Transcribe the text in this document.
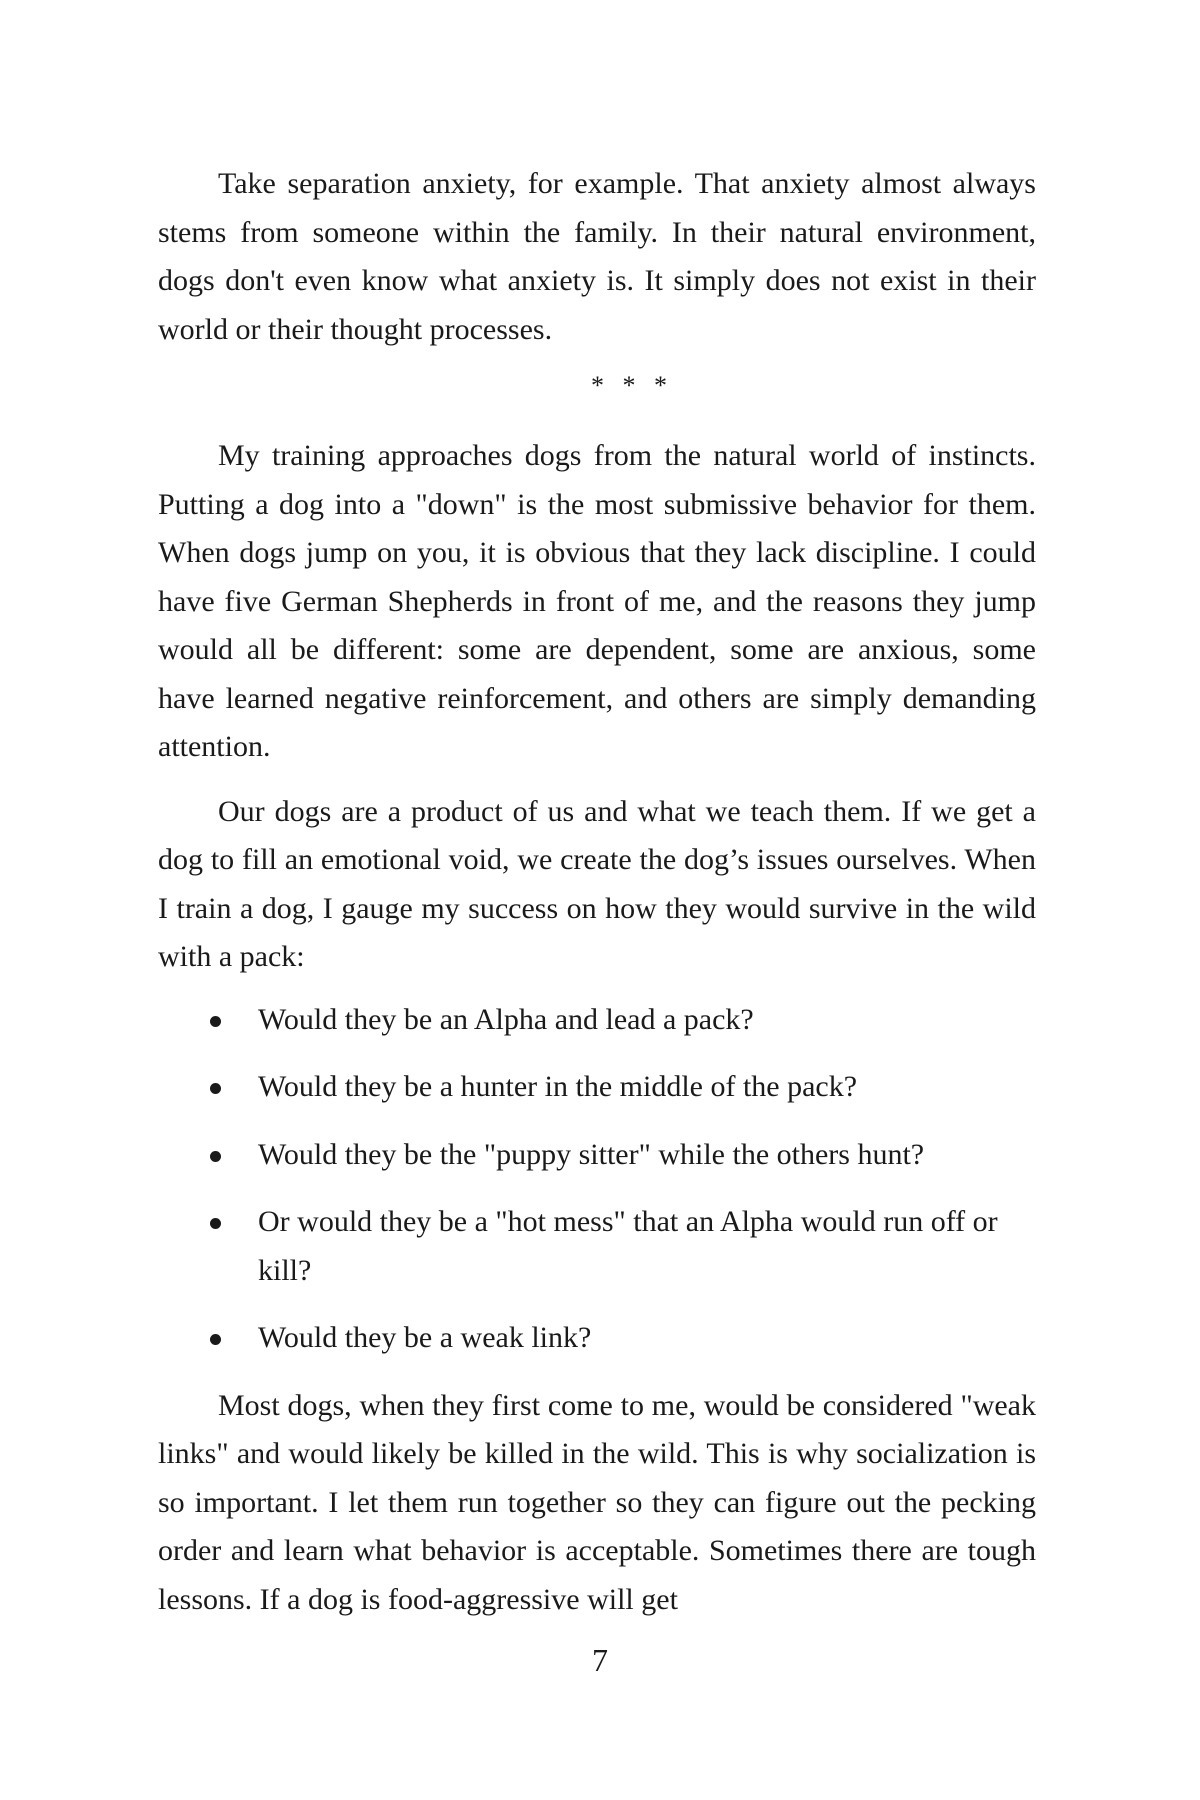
Take separation anxiety, for example. That anxiety almost always stems from someone within the family. In their natural environment, dogs don't even know what anxiety is. It simply does not exist in their world or their thought processes.

* * *

My training approaches dogs from the natural world of instincts. Putting a dog into a "down" is the most submissive behavior for them. When dogs jump on you, it is obvious that they lack discipline. I could have five German Shepherds in front of me, and the reasons they jump would all be different: some are dependent, some are anxious, some have learned negative reinforcement, and others are simply demanding attention.

Our dogs are a product of us and what we teach them. If we get a dog to fill an emotional void, we create the dog’s issues ourselves. When I train a dog, I gauge my success on how they would survive in the wild with a pack:

Would they be an Alpha and lead a pack?
Would they be a hunter in the middle of the pack?
Would they be the "puppy sitter" while the others hunt?
Or would they be a "hot mess" that an Alpha would run off or kill?
Would they be a weak link?

Most dogs, when they first come to me, would be considered "weak links" and would likely be killed in the wild. This is why socialization is so important. I let them run together so they can figure out the pecking order and learn what behavior is acceptable. Sometimes there are tough lessons. If a dog is food-aggressive will get

7
